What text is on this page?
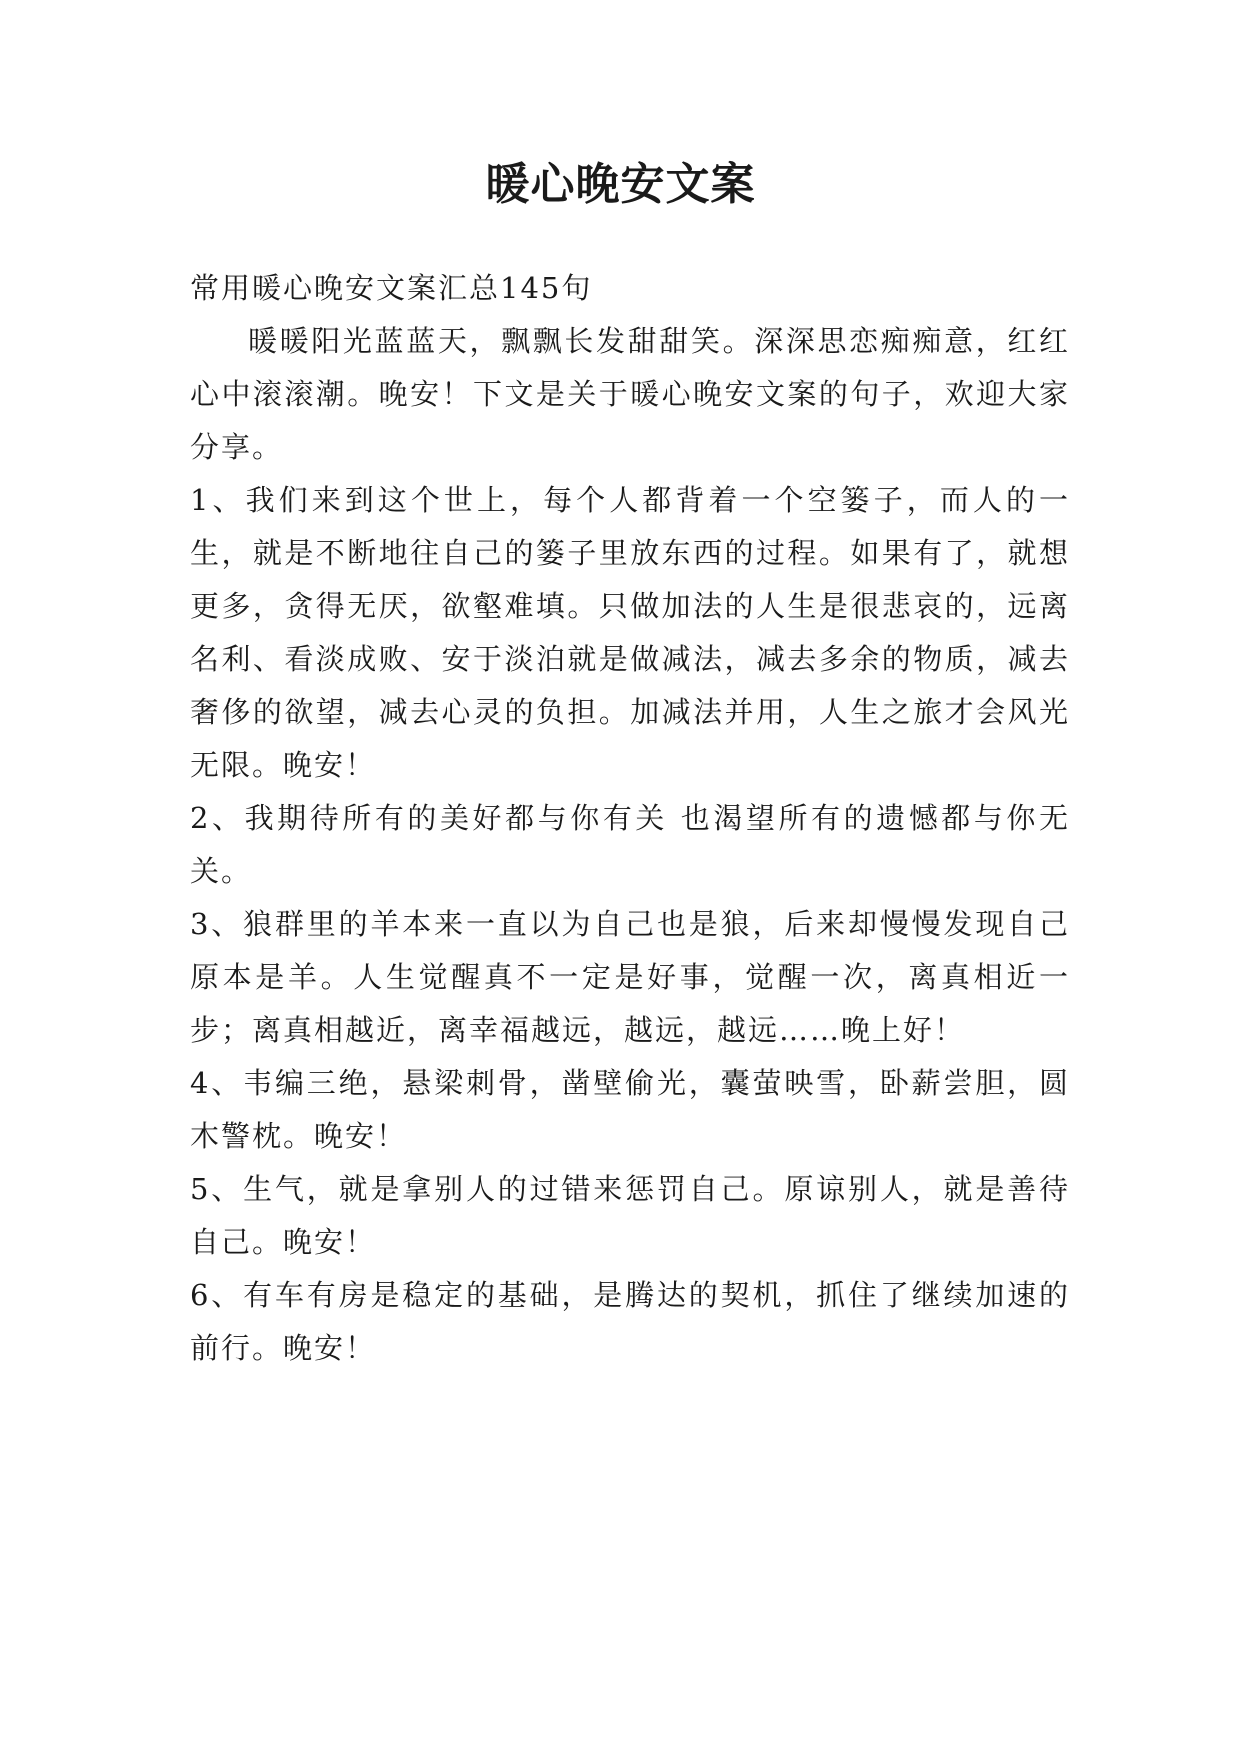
暖心晚安文案

常用暖心晚安文案汇总145句

暖暖阳光蓝蓝天，飘飘长发甜甜笑。深深思恋痴痴意，红红心中滚滚潮。晚安！下文是关于暖心晚安文案的句子，欢迎大家分享。

1、我们来到这个世上，每个人都背着一个空篓子，而人的一生，就是不断地往自己的篓子里放东西的过程。如果有了，就想更多，贪得无厌，欲壑难填。只做加法的人生是很悲哀的，远离名利、看淡成败、安于淡泊就是做减法，减去多余的物质，减去奢侈的欲望，减去心灵的负担。加减法并用，人生之旅才会风光无限。晚安！

2、我期待所有的美好都与你有关 也渴望所有的遗憾都与你无关。

3、狼群里的羊本来一直以为自己也是狼，后来却慢慢发现自己原本是羊。人生觉醒真不一定是好事，觉醒一次，离真相近一步；离真相越近，离幸福越远，越远，越远……晚上好！

4、韦编三绝，悬梁刺骨，凿壁偷光，囊萤映雪，卧薪尝胆，圆木警枕。晚安！

5、生气，就是拿别人的过错来惩罚自己。原谅别人，就是善待自己。晚安！

6、有车有房是稳定的基础，是腾达的契机，抓住了继续加速的前行。晚安！
